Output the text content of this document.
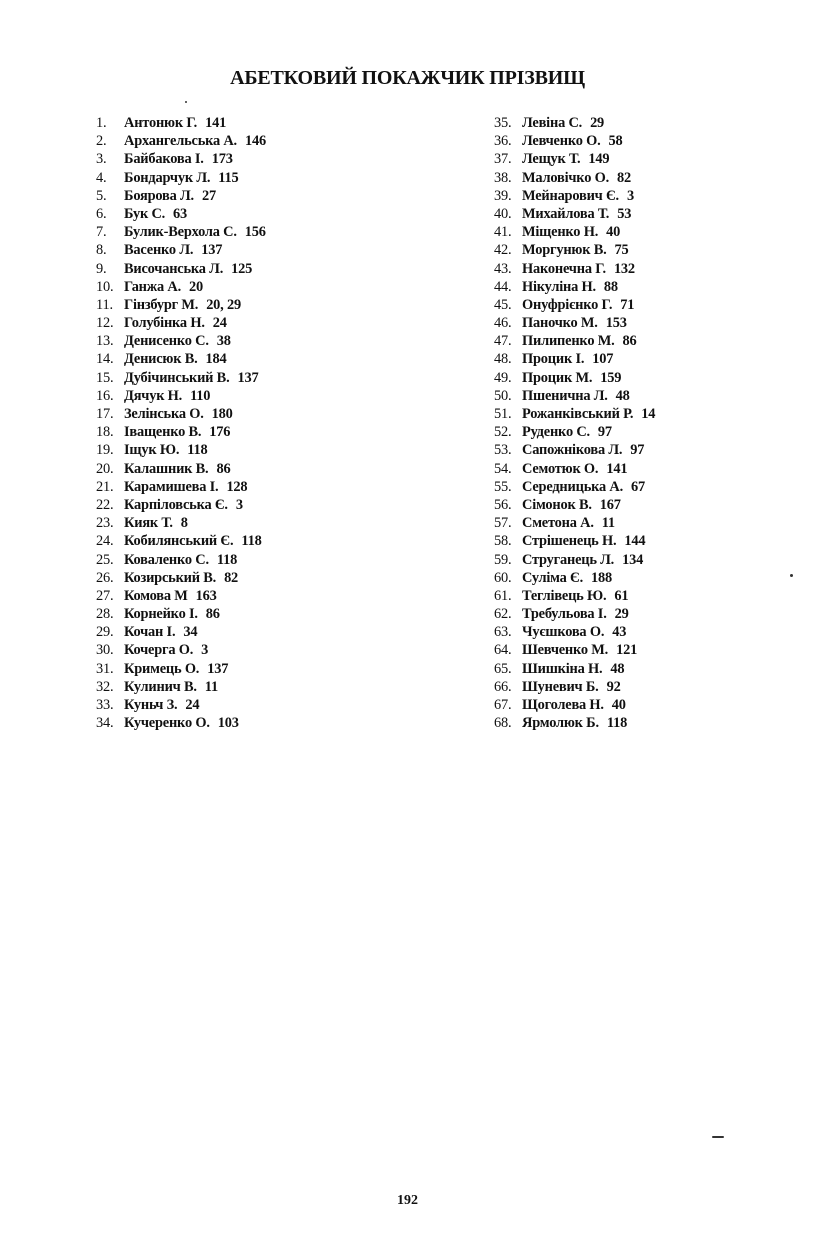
АБЕТКОВИЙ ПОКАЖЧИК ПРІЗВИЩ
1. Антонюк Г. 141
2. Архангельська А. 146
3. Байбакова І. 173
4. Бондарчук Л. 115
5. Боярова Л. 27
6. Бук С. 63
7. Булик-Верхола С. 156
8. Васенко Л. 137
9. Височанська Л. 125
10. Ганжа А. 20
11. Гінзбург М. 20, 29
12. Голубінка Н. 24
13. Денисенко С. 38
14. Денисюк В. 184
15. Дубічинський В. 137
16. Дячук Н. 110
17. Зелінська О. 180
18. Іващенко В. 176
19. Іщук Ю. 118
20. Калашник В. 86
21. Карамишева І. 128
22. Карпіловська Є. 3
23. Кияк Т. 8
24. Кобилянський Є. 118
25. Коваленко С. 118
26. Козирський В. 82
27. Комова М 163
28. Корнейко І. 86
29. Кочан І. 34
30. Кочерга О. 3
31. Кримець О. 137
32. Кулинич В. 11
33. Куньч З. 24
34. Кучеренко О. 103
35. Левіна С. 29
36. Левченко О. 58
37. Лещук Т. 149
38. Маловічко О. 82
39. Мейнарович Є. 3
40. Михайлова Т. 53
41. Міщенко Н. 40
42. Моргунюк В. 75
43. Наконечна Г. 132
44. Нікуліна Н. 88
45. Онуфрієнко Г. 71
46. Паночко М. 153
47. Пилипенко М. 86
48. Процик І. 107
49. Процик М. 159
50. Пшенична Л. 48
51. Рожанківський Р. 14
52. Руденко С. 97
53. Сапожнікова Л. 97
54. Семотюк О. 141
55. Середницька А. 67
56. Сімонок В. 167
57. Сметона А. 11
58. Стрішенець Н. 144
59. Струганець Л. 134
60. Суліма Є. 188
61. Теглівець Ю. 61
62. Требульова І. 29
63. Чуєшкова О. 43
64. Шевченко М. 121
65. Шишкіна Н. 48
66. Шуневич Б. 92
67. Щоголева Н. 40
68. Ярмолюк Б. 118
192
